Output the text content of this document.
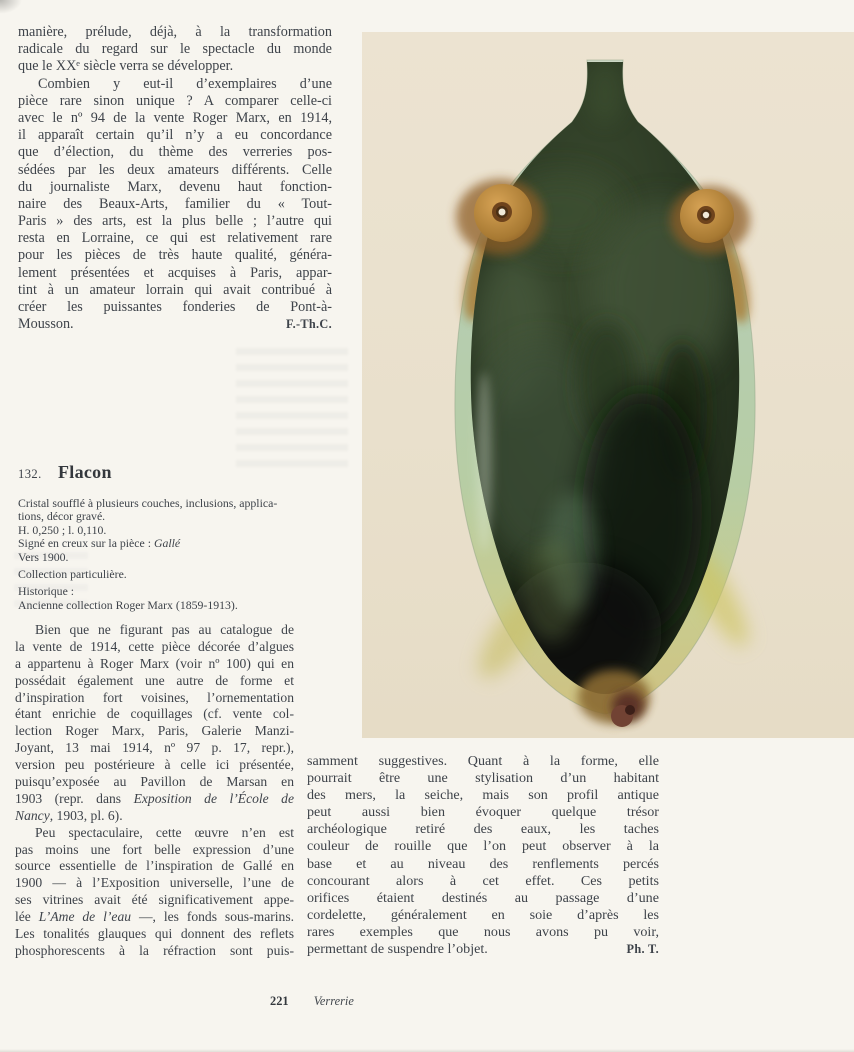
manière, prélude, déjà, à la transformation
radicale du regard sur le spectacle du monde
que le XXᵉ siècle verra se développer.
Combien y eut-il d’exemplaires d’une
pièce rare sinon unique ? A comparer celle-ci
avec le nº 94 de la vente Roger Marx, en 1914,
il apparaît certain qu’il n’y a eu concordance
que d’élection, du thème des verreries pos-
sédées par les deux amateurs différents. Celle
du journaliste Marx, devenu haut fonction-
naire des Beaux-Arts, familier du « Tout-
Paris » des arts, est la plus belle ; l’autre qui
resta en Lorraine, ce qui est relativement rare
pour les pièces de très haute qualité, généra-
lement présentées et acquises à Paris, appar-
tint à un amateur lorrain qui avait contribué à
créer les puissantes fonderies de Pont-à-
Mousson.	F.-Th.C.
132. Flacon
Cristal soufflé à plusieurs couches, inclusions, applica-
tions, décor gravé.
H. 0,250 ; l. 0,110.
Signé en creux sur la pièce : Gallé
Vers 1900.
Collection particulière.
Historique :
Ancienne collection Roger Marx (1859-1913).
Bien que ne figurant pas au catalogue de
la vente de 1914, cette pièce décorée d’algues
a appartenu à Roger Marx (voir nº 100) qui en
possédait également une autre de forme et
d’inspiration fort voisines, l’ornementation
étant enrichie de coquillages (cf. vente col-
lection Roger Marx, Paris, Galerie Manzi-
Joyant, 13 mai 1914, nº 97 p. 17, repr.),
version peu postérieure à celle ici présentée,
puisqu’exposée au Pavillon de Marsan en
1903 (repr. dans Exposition de l’École de
Nancy, 1903, pl. 6).
Peu spectaculaire, cette œuvre n’en est
pas moins une fort belle expression d’une
source essentielle de l’inspiration de Gallé en
1900 — à l’Exposition universelle, l’une de
ses vitrines avait été significativement appe-
lée L’Ame de l’eau —, les fonds sous-marins.
Les tonalités glauques qui donnent des reflets
phosphorescents à la réfraction sont puis-
samment suggestives. Quant à la forme, elle
pourrait être une stylisation d’un habitant
des mers, la seiche, mais son profil antique
peut aussi bien évoquer quelque trésor
archéologique retiré des eaux, les taches
couleur de rouille que l’on peut observer à la
base et au niveau des renflements percés
concourant alors à cet effet. Ces petits
orifices étaient destinés au passage d’une
cordelette, généralement en soie d’après les
rares exemples que nous avons pu voir,
permettant de suspendre l’objet.	Ph. T.
221 Verrerie
